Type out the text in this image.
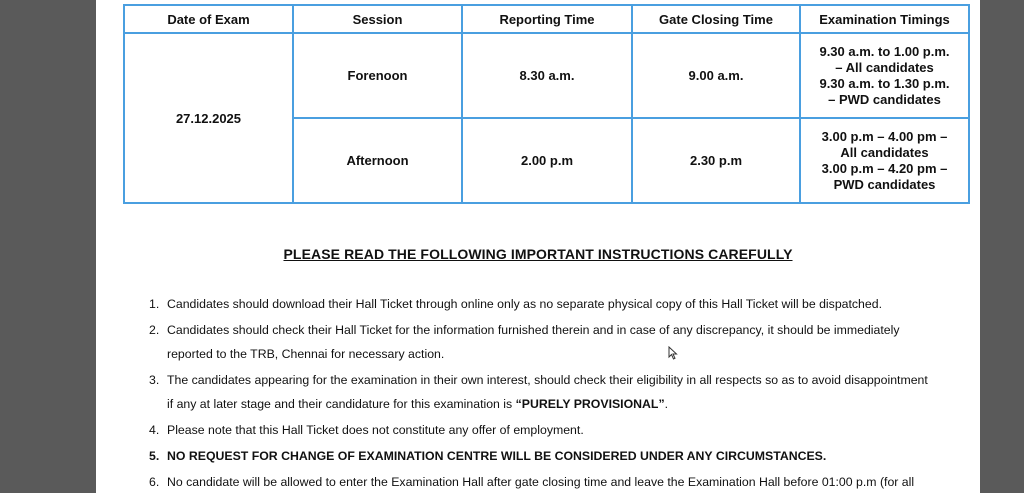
Date of Exam	Session	Reporting Time	Gate Closing Time	Examination Timings
27.12.2025	Forenoon	8.30 a.m.	9.00 a.m.	9.30 a.m. to 1.00 p.m.
– All candidates
9.30 a.m. to 1.30 p.m.
– PWD candidates

	Afternoon	2.00 p.m	2.30 p.m	3.00 p.m – 4.00 pm –
All candidates
3.00 p.m – 4.20 pm –
PWD candidates
PLEASE READ THE FOLLOWING IMPORTANT INSTRUCTIONS CAREFULLY
1. Candidates should download their Hall Ticket through online only as no separate physical copy of this Hall Ticket will be dispatched.
2. Candidates should check their Hall Ticket for the information furnished therein and in case of any discrepancy, it should be immediately
reported to the TRB, Chennai for necessary action.
3. The candidates appearing for the examination in their own interest, should check their eligibility in all respects so as to avoid disappointment
if any at later stage and their candidature for this examination is “PURELY PROVISIONAL”.
4. Please note that this Hall Ticket does not constitute any offer of employment.
5. NO REQUEST FOR CHANGE OF EXAMINATION CENTRE WILL BE CONSIDERED UNDER ANY CIRCUMSTANCES.
6. No candidate will be allowed to enter the Examination Hall after gate closing time and leave the Examination Hall before 01:00 p.m (for all
